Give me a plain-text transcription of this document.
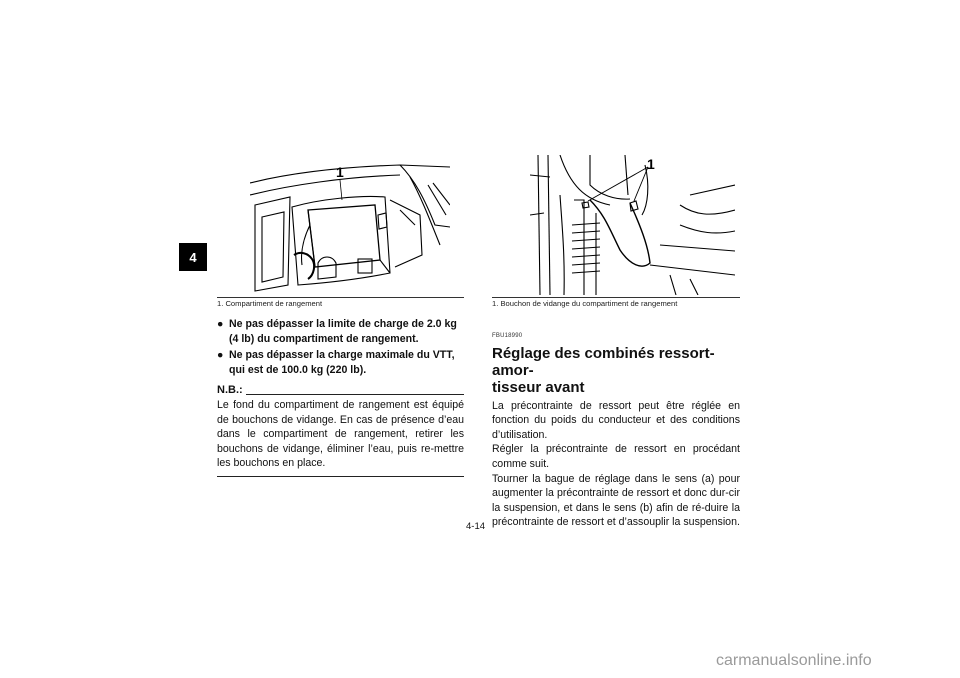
4
1
1. Compartiment de rangement
1
1. Bouchon de vidange du compartiment de rangement
● Ne pas dépasser la limite de charge de 2.0 kg (4 lb) du compartiment de rangement.
● Ne pas dépasser la charge maximale du VTT, qui est de 100.0 kg (220 lb).
N.B.:
Le fond du compartiment de rangement est équipé de bouchons de vidange. En cas de présence d’eau dans le compartiment de rangement, retirer les bouchons de vidange, éliminer l’eau, puis re-mettre les bouchons en place.
FBU18990
Réglage des combinés ressort-amor-
tisseur avant
La précontrainte de ressort peut être réglée en fonction du poids du conducteur et des conditions d’utilisation.
Régler la précontrainte de ressort en procédant comme suit.
Tourner la bague de réglage dans le sens (a) pour augmenter la précontrainte de ressort et donc dur-cir la suspension, et dans le sens (b) afin de ré-duire la précontrainte de ressort et d’assouplir la suspension.
4-14
carmanualsonline.info
